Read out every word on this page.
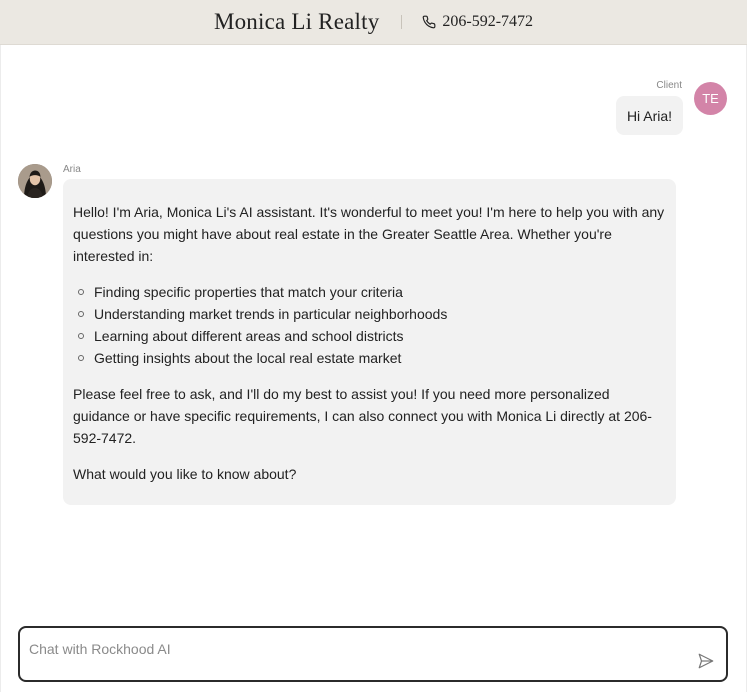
Monica Li Realty	206-592-7472
Client
TE
Hi Aria!
Aria

Hello! I'm Aria, Monica Li's AI assistant. It's wonderful to meet you! I'm here to help you with any questions you might have about real estate in the Greater Seattle Area. Whether you're interested in:

Finding specific properties that match your criteria
Understanding market trends in particular neighborhoods
Learning about different areas and school districts
Getting insights about the local real estate market

Please feel free to ask, and I'll do my best to assist you! If you need more personalized guidance or have specific requirements, I can also connect you with Monica Li directly at 206-592-7472.

What would you like to know about?

Chat with Rockhood AI
